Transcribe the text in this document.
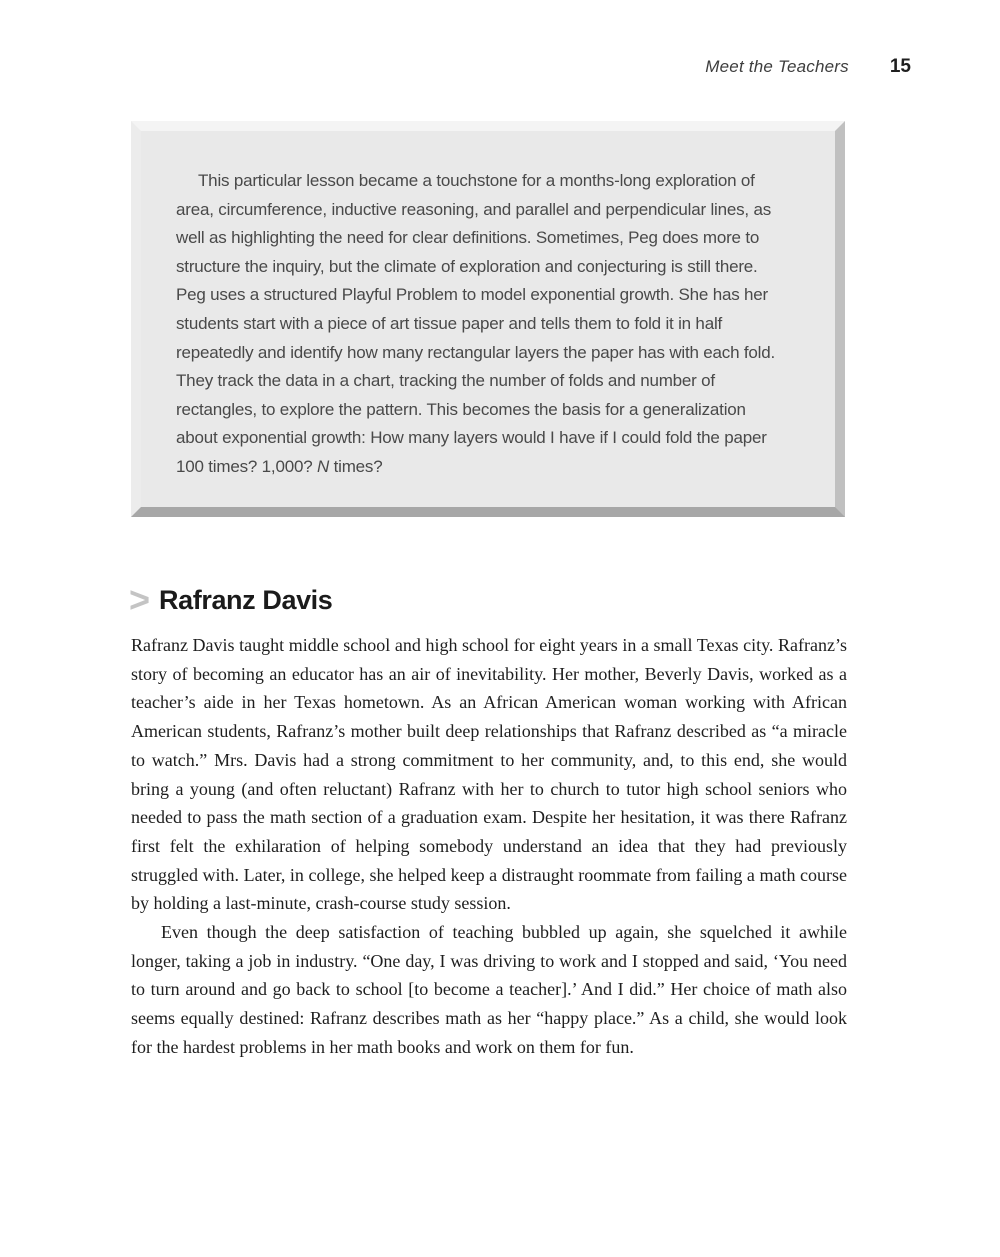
Meet the Teachers 15

This particular lesson became a touchstone for a months-long exploration of area, circumference, inductive reasoning, and parallel and perpendicular lines, as well as highlighting the need for clear definitions. Sometimes, Peg does more to structure the inquiry, but the climate of exploration and conjecturing is still there. Peg uses a structured Playful Problem to model exponential growth. She has her students start with a piece of art tissue paper and tells them to fold it in half repeatedly and identify how many rectangular layers the paper has with each fold. They track the data in a chart, tracking the number of folds and number of rectangles, to explore the pattern. This becomes the basis for a generalization about exponential growth: How many layers would I have if I could fold the paper 100 times? 1,000? N times?

> Rafranz Davis

Rafranz Davis taught middle school and high school for eight years in a small Texas city. Rafranz’s story of becoming an educator has an air of inevitability. Her mother, Beverly Davis, worked as a teacher’s aide in her Texas hometown. As an African American woman working with African American students, Rafranz’s mother built deep relationships that Rafranz described as “a miracle to watch.” Mrs. Davis had a strong commitment to her community, and, to this end, she would bring a young (and often reluctant) Rafranz with her to church to tutor high school seniors who needed to pass the math section of a graduation exam. Despite her hesitation, it was there Rafranz first felt the exhilaration of helping somebody understand an idea that they had previously struggled with. Later, in college, she helped keep a distraught roommate from failing a math course by holding a last-minute, crash-course study session.

Even though the deep satisfaction of teaching bubbled up again, she squelched it awhile longer, taking a job in industry. “One day, I was driving to work and I stopped and said, ‘You need to turn around and go back to school [to become a teacher].’ And I did.” Her choice of math also seems equally destined: Rafranz describes math as her “happy place.” As a child, she would look for the hardest problems in her math books and work on them for fun.
